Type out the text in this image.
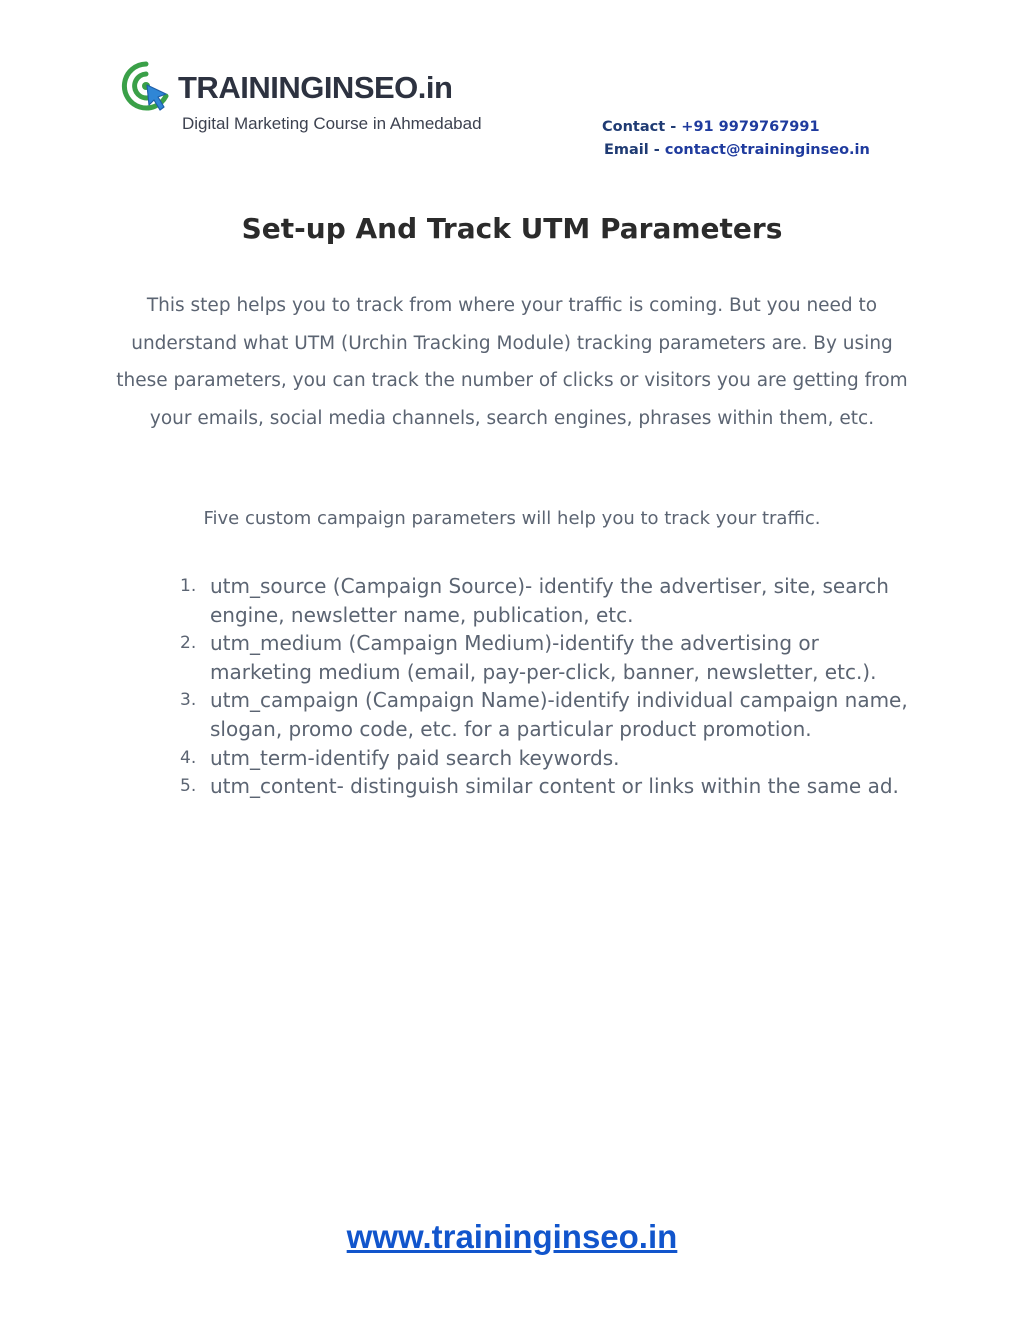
TRAININGINSEO.in
Digital Marketing Course in Ahmedabad	Contact - +91 9979767991
Email - contact@traininginseo.in
Set-up And Track UTM Parameters

This step helps you to track from where your traffic is coming. But you need to understand what UTM (Urchin Tracking Module) tracking parameters are. By using these parameters, you can track the number of clicks or visitors you are getting from your emails, social media channels, search engines, phrases within them, etc.

Five custom campaign parameters will help you to track your traffic.

1. utm_source (Campaign Source)- identify the advertiser, site, search engine, newsletter name, publication, etc.
2. utm_medium (Campaign Medium)-identify the advertising or marketing medium (email, pay-per-click, banner, newsletter, etc.).
3. utm_campaign (Campaign Name)-identify individual campaign name, slogan, promo code, etc. for a particular product promotion.
4. utm_term-identify paid search keywords.
5. utm_content- distinguish similar content or links within the same ad.
www.traininginseo.in
